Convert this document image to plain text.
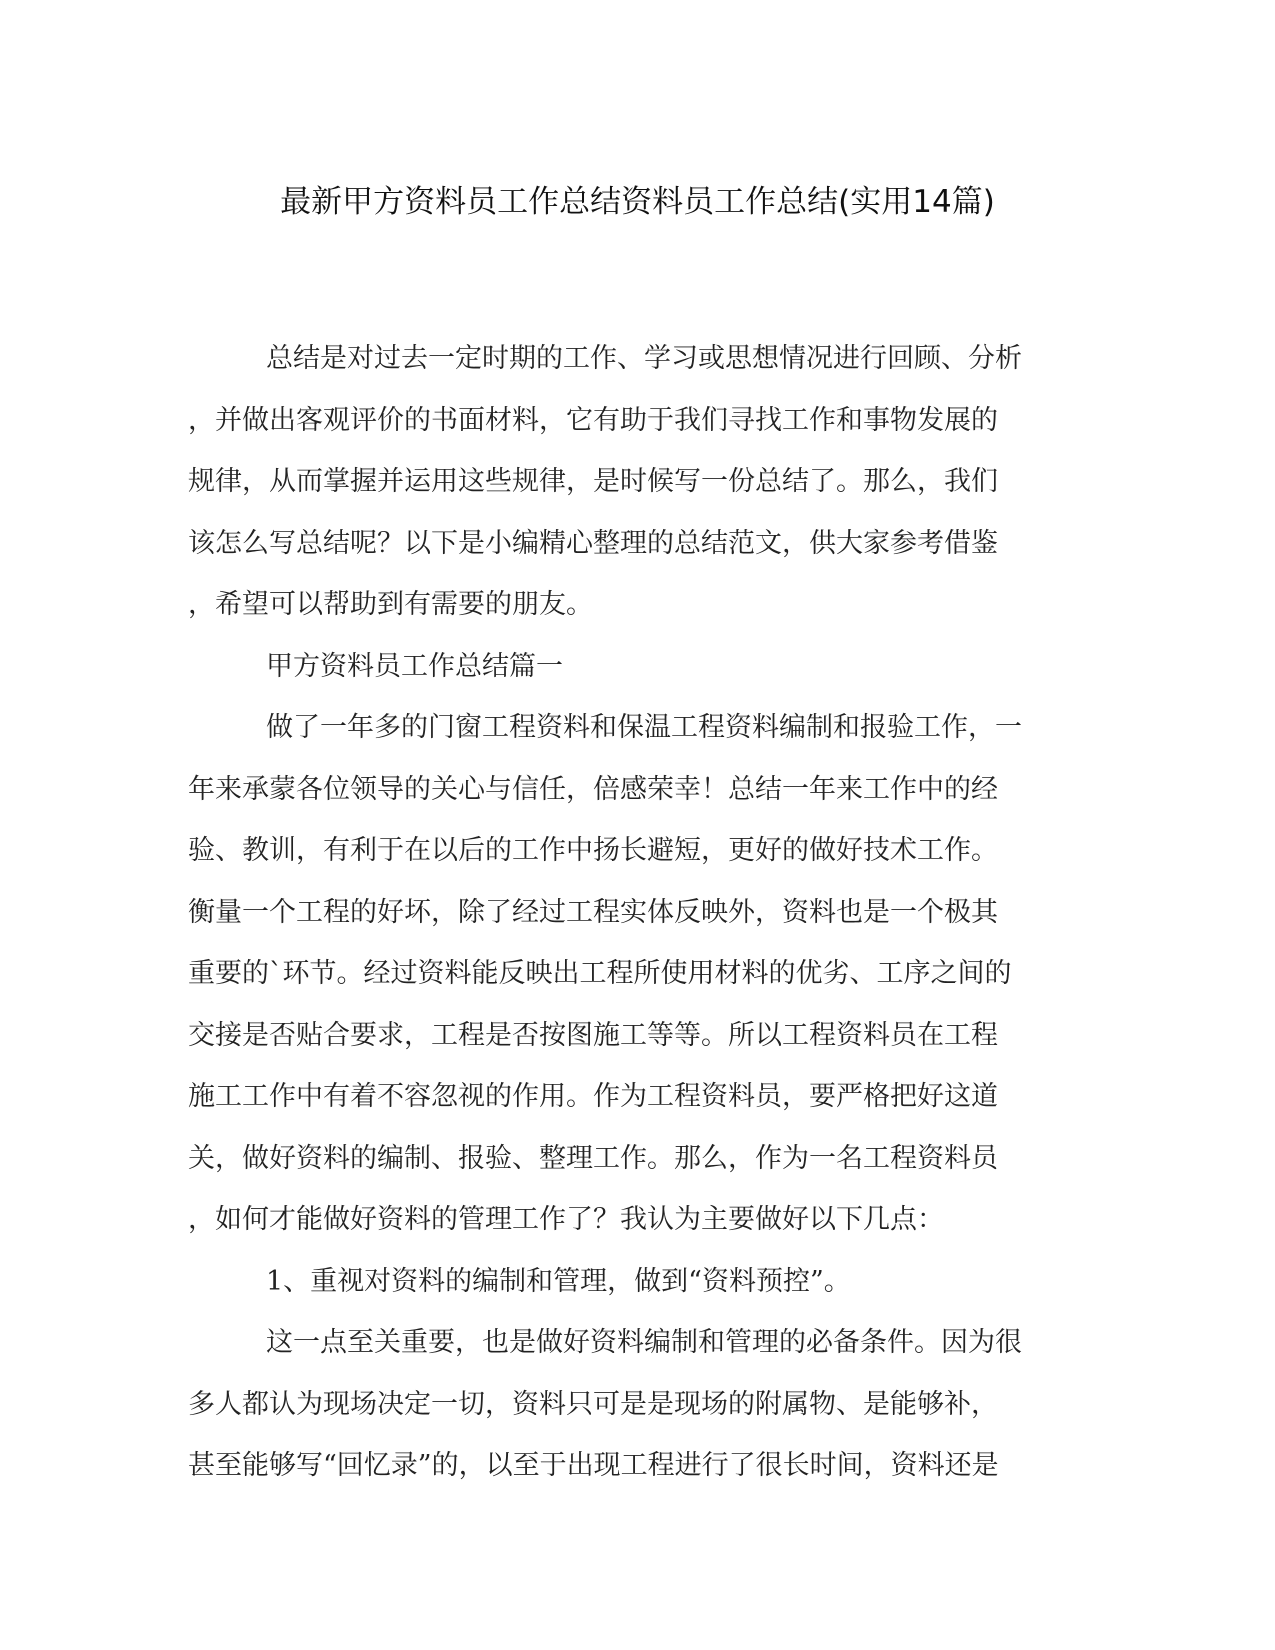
最新甲方资料员工作总结资料员工作总结(实用14篇)
总结是对过去一定时期的工作、学习或思想情况进行回顾、分析
，并做出客观评价的书面材料，它有助于我们寻找工作和事物发展的
规律，从而掌握并运用这些规律，是时候写一份总结了。那么，我们
该怎么写总结呢？以下是小编精心整理的总结范文，供大家参考借鉴
，希望可以帮助到有需要的朋友。
甲方资料员工作总结篇一
做了一年多的门窗工程资料和保温工程资料编制和报验工作，一
年来承蒙各位领导的关心与信任，倍感荣幸！总结一年来工作中的经
验、教训，有利于在以后的工作中扬长避短，更好的做好技术工作。
衡量一个工程的好坏，除了经过工程实体反映外，资料也是一个极其
重要的`环节。经过资料能反映出工程所使用材料的优劣、工序之间的
交接是否贴合要求，工程是否按图施工等等。所以工程资料员在工程
施工工作中有着不容忽视的作用。作为工程资料员，要严格把好这道
关，做好资料的编制、报验、整理工作。那么，作为一名工程资料员
，如何才能做好资料的管理工作了？我认为主要做好以下几点：
1、重视对资料的编制和管理，做到“资料预控”。
这一点至关重要，也是做好资料编制和管理的必备条件。因为很
多人都认为现场决定一切，资料只可是是现场的附属物、是能够补，
甚至能够写“回忆录”的，以至于出现工程进行了很长时间，资料还是
